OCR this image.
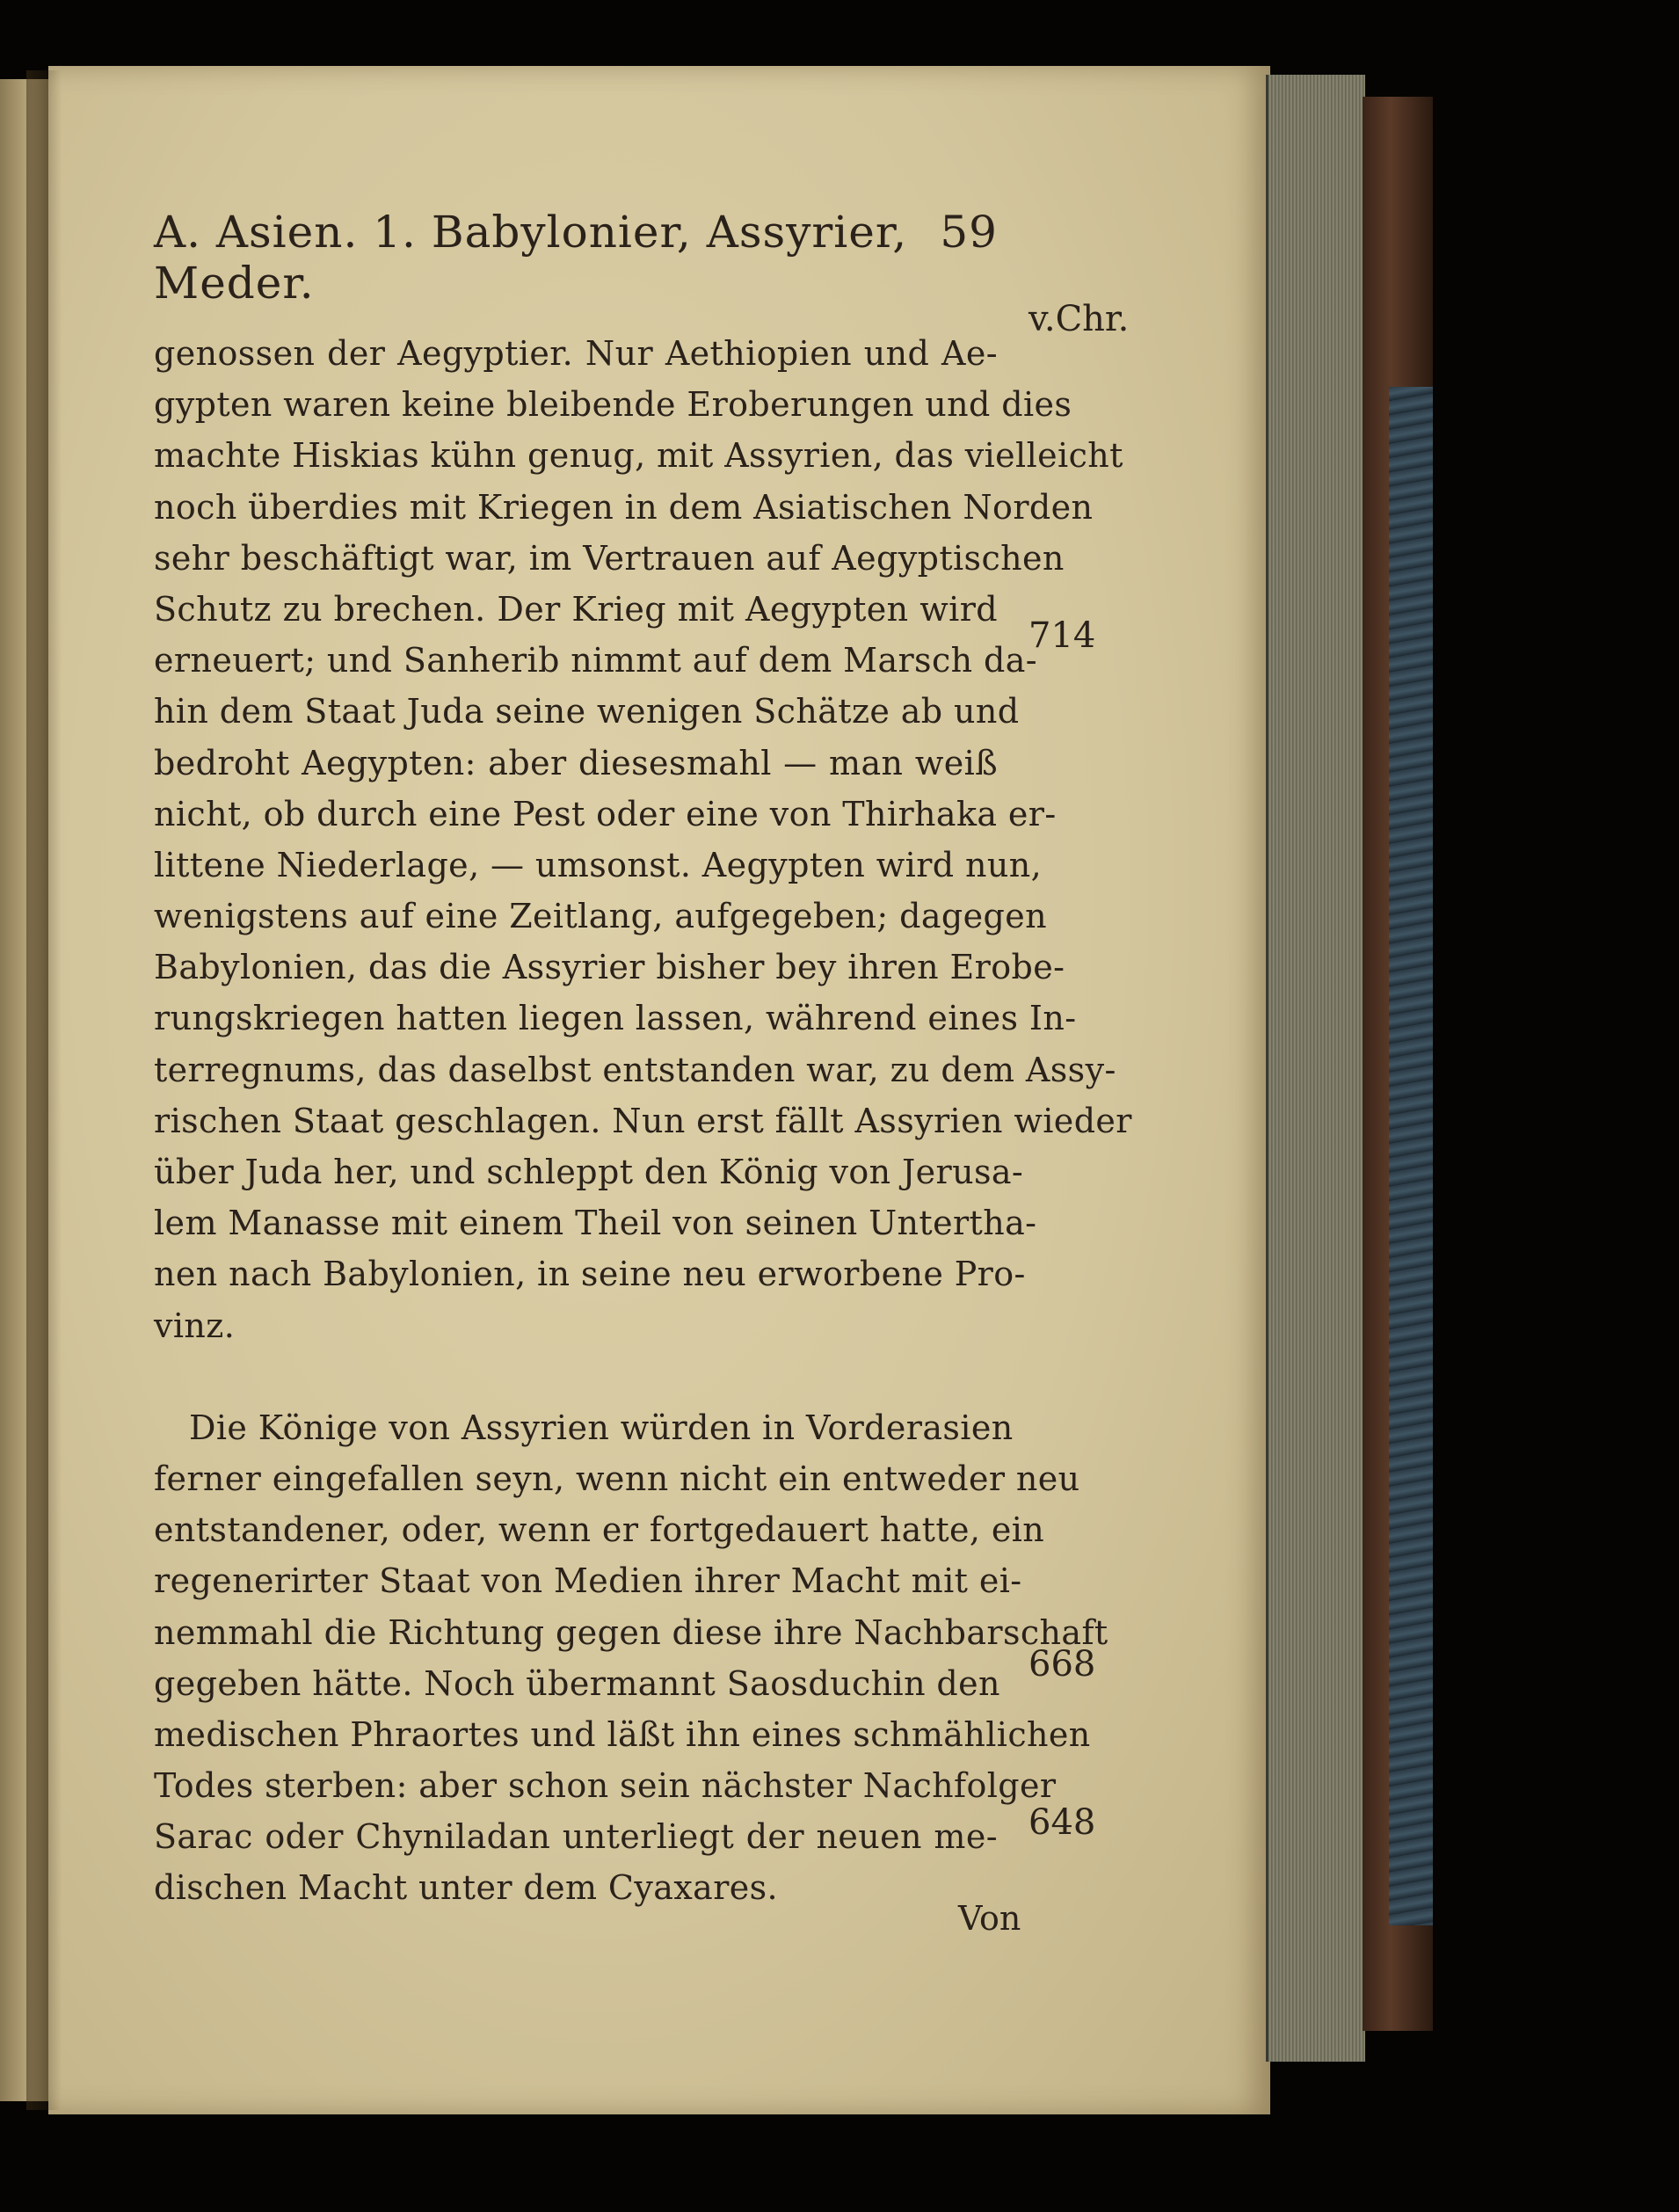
A. Asien. 1. Babylonier, Assyrier, Meder.
59
genossen der Aegyptier. Nur Aethiopien und Ae-
gypten waren keine bleibende Eroberungen und dies
machte Hiskias kühn genug, mit Assyrien, das vielleicht
noch überdies mit Kriegen in dem Asiatischen Norden
sehr beschäftigt war, im Vertrauen auf Aegyptischen
Schutz zu brechen. Der Krieg mit Aegypten wird
erneuert; und Sanherib nimmt auf dem Marsch da-
hin dem Staat Juda seine wenigen Schätze ab und
bedroht Aegypten: aber diesesmahl — man weiß
nicht, ob durch eine Pest oder eine von Thirhaka er-
littene Niederlage, — umsonst. Aegypten wird nun,
wenigstens auf eine Zeitlang, aufgegeben; dagegen
Babylonien, das die Assyrier bisher bey ihren Erobe-
rungskriegen hatten liegen lassen, während eines In-
terregnums, das daselbst entstanden war, zu dem Assy-
rischen Staat geschlagen. Nun erst fällt Assyrien wieder
über Juda her, und schleppt den König von Jerusa-
lem Manasse mit einem Theil von seinen Untertha-
nen nach Babylonien, in seine neu erworbene Pro-
vinz.
Die Könige von Assyrien würden in Vorderasien
ferner eingefallen seyn, wenn nicht ein entweder neu
entstandener, oder, wenn er fortgedauert hatte, ein
regenerirter Staat von Medien ihrer Macht mit ei-
nemmahl die Richtung gegen diese ihre Nachbarschaft
gegeben hätte. Noch übermannt Saosduchin den
medischen Phraortes und läßt ihn eines schmählichen
Todes sterben: aber schon sein nächster Nachfolger
Sarac oder Chyniladan unterliegt der neuen me-
dischen Macht unter dem Cyaxares.
v.Chr.
714
668
648
Von
